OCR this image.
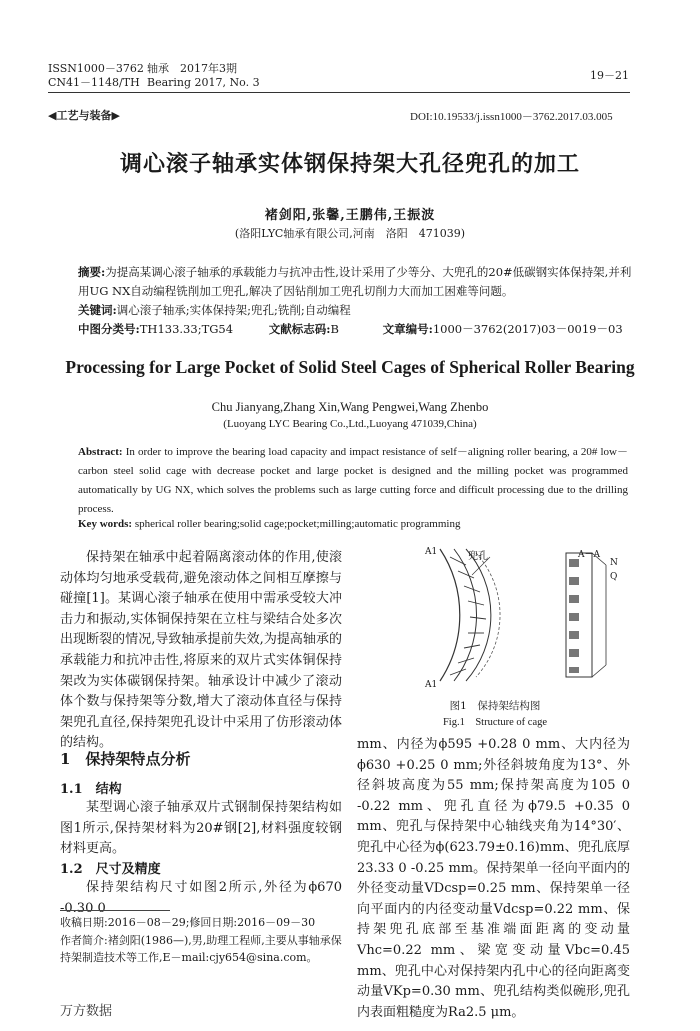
ISSN1000－3762 轴承　2017年3期
CN41－1148/TH Bearing 2017, No. 3
19－21
◀工艺与装备▶	DOI:10.19533/j.issn1000－3762.2017.03.005
调心滚子轴承实体钢保持架大孔径兜孔的加工
褚剑阳,张馨,王鹏伟,王振波
(洛阳LYC轴承有限公司,河南　洛阳　471039)
摘要:为提高某调心滚子轴承的承载能力与抗冲击性,设计采用了少等分、大兜孔的20#低碳钢实体保持架,并利用UG NX自动编程铣削加工兜孔,解决了因钻削加工兜孔切削力大而加工困难等问题。
关键词:调心滚子轴承;实体保持架;兜孔;铣削;自动编程
中图分类号:TH133.33;TG54	文献标志码:B	文章编号:1000－3762(2017)03－0019－03
Processing for Large Pocket of Solid Steel Cages of Spherical Roller Bearing
Chu Jianyang,Zhang Xin,Wang Pengwei,Wang Zhenbo
(Luoyang LYC Bearing Co.,Ltd.,Luoyang 471039,China)
Abstract: In order to improve the bearing load capacity and impact resistance of self－aligning roller bearing, a 20# low－carbon steel solid cage with decrease pocket and large pocket is designed and the milling pocket was programmed automatically by UG NX, which solves the problems such as large cutting force and difficult processing due to the drilling process.
Key words: spherical roller bearing;solid cage;pocket;milling;automatic programming
保持架在轴承中起着隔离滚动体的作用,使滚动体均匀地承受载荷,避免滚动体之间相互摩擦与碰撞[1]。某调心滚子轴承在使用中需承受较大冲击力和振动,实体铜保持架在立柱与梁结合处多次出现断裂的情况,导致轴承提前失效,为提高轴承的承载能力和抗冲击性,将原来的双片式实体铜保持架改为实体碳钢保持架。轴承设计中减少了滚动体个数与保持架等分数,增大了滚动体直径与保持架兜孔直径,保持架兜孔设计中采用了仿形滚动体的结构。
1　保持架特点分析
1.1　结构
某型调心滚子轴承双片式钢制保持架结构如图1所示,保持架材料为20#钢[2],材料强度较钢材料更高。
1.2　尺寸及精度
保持架结构尺寸如图2所示,外径为ϕ670 -0.30 0
收稿日期:2016－08－29;修回日期:2016－09－30
作者简介:褚剑阳(1986—),男,助理工程师,主要从事轴承保持架制造技术等工作,E－mail:cjy654@sina.com。
A1	兜孔	A－A
N
Q
A1
图1　保持架结构图
Fig.1　Structure of cage
mm、内径为ϕ595 +0.28 0 mm、大内径为ϕ630 +0.25 0 mm;外径斜坡角度为13°、外径斜坡高度为55 mm;保持架高度为105 0 -0.22 mm、兜孔直径为ϕ79.5 +0.35 0 mm、兜孔与保持架中心轴线夹角为14°30′、兜孔中心径为ϕ(623.79±0.16)mm、兜孔底厚23.33 0 -0.25 mm。保持架单一径向平面内的外径变动量VDcsp=0.25 mm、保持架单一径向平面内的内径变动量Vdcsp=0.22 mm、保持架兜孔底部至基准端面距离的变动量Vhc=0.22 mm、梁宽变动量Vbc=0.45 mm、兜孔中心对保持架内孔中心的径向距离变动量VKp=0.30 mm、兜孔结构类似碗形,兜孔内表面粗糙度为Ra2.5 μm。
万方数据
